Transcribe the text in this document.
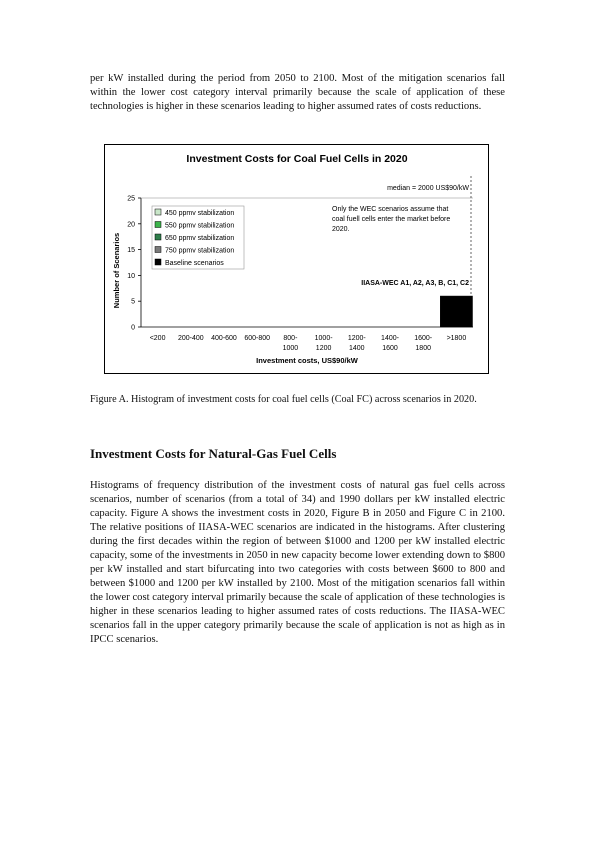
per kW installed during the period from 2050 to 2100. Most of the mitigation scenarios fall within the lower cost category interval primarily because the scale of application of these technologies is higher in these scenarios leading to higher assumed rates of costs reductions.

Investment Costs for Coal Fuel Cells in 2020
0
5
10
15
20
25
<200 200-400 400-600 600-800 800-
1000
1000-
1200
1200-
1400
1400-
1600
1600-
1800
>1800
Investment costs, US$90/kW
Number of Scenarios
450 ppmv stabilization
550 ppmv stabilization
650 ppmv stabilization
750 ppmv stabilization
Baseline scenarios
median = 2000 US$90/kW
Only the WEC scenarios assume that
coal fuell cells enter the market before
2020.
IIASA-WEC A1, A2, A3, B, C1, C2

Figure A. Histogram of investment costs for coal fuel cells (Coal FC) across scenarios in 2020.

Investment Costs for Natural-Gas Fuel Cells

Histograms of frequency distribution of the investment costs of natural gas fuel cells across scenarios, number of scenarios (from a total of 34) and 1990 dollars per kW installed electric capacity. Figure A shows the investment costs in 2020, Figure B in 2050 and Figure C in 2100. The relative positions of IIASA-WEC scenarios are indicated in the histograms. After clustering during the first decades within the region of between $1000 and 1200 per kW installed electric capacity, some of the investments in 2050 in new capacity become lower extending down to $800 per kW installed and start bifurcating into two categories with costs between $600 to 800 and between $1000 and 1200 per kW installed by 2100. Most of the mitigation scenarios fall within the lower cost category interval primarily because the scale of application of these technologies is higher in these scenarios leading to higher assumed rates of costs reductions. The IIASA-WEC scenarios fall in the upper category primarily because the scale of application is not as high as in IPCC scenarios.
